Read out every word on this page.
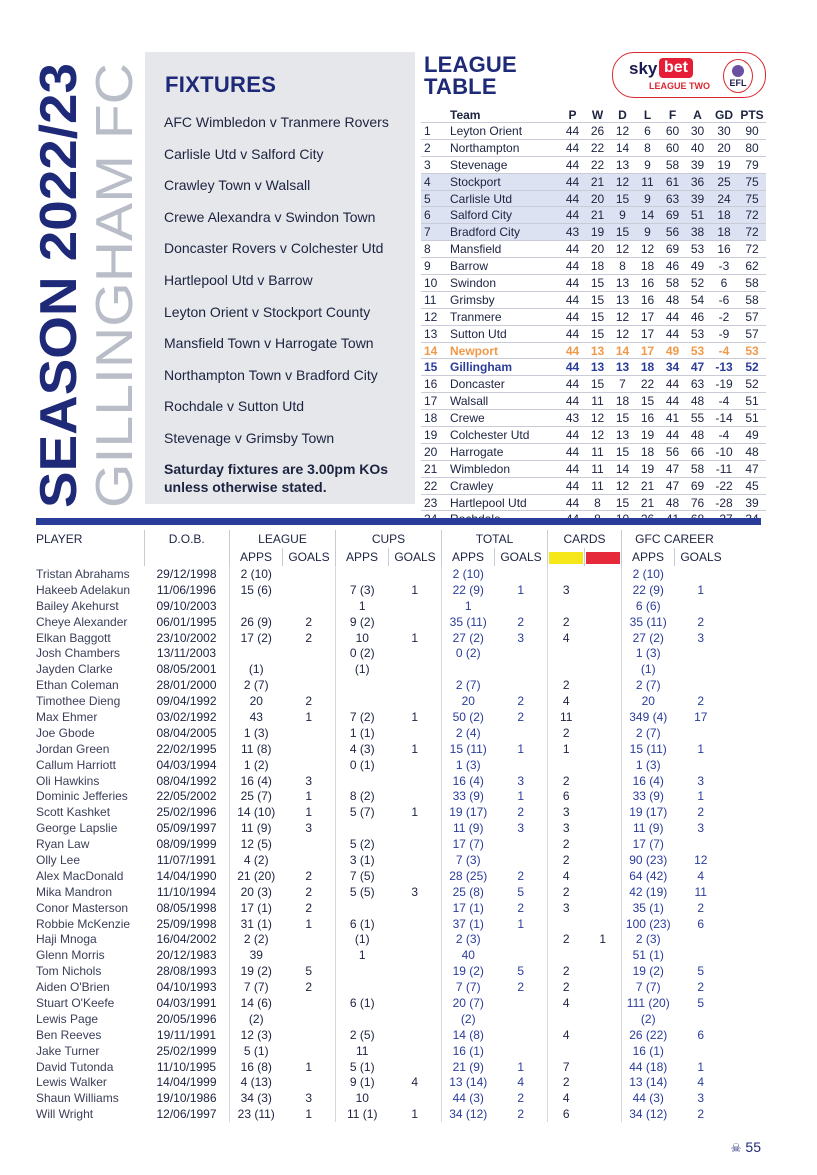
SEASON 2022/23
GILLINGHAM FC
FIXTURES
AFC Wimbledon v Tranmere Rovers
Carlisle Utd v Salford City
Crawley Town v Walsall
Crewe Alexandra v Swindon Town
Doncaster Rovers v Colchester Utd
Hartlepool Utd v Barrow
Leyton Orient v Stockport County
Mansfield Town v Harrogate Town
Northampton Town v Bradford City
Rochdale v Sutton Utd
Stevenage v Grimsby Town
Saturday fixtures are 3.00pm KOs
unless otherwise stated.
LEAGUE
TABLE
sky bet
LEAGUE TWO	EFL
	Team	P	W	D	L	F	A	GD	PTS
1	Leyton Orient	44	26	12	6	60	30	30	90
2	Northampton	44	22	14	8	60	40	20	80
3	Stevenage	44	22	13	9	58	39	19	79
4	Stockport	44	21	12	11	61	36	25	75
5	Carlisle Utd	44	20	15	9	63	39	24	75
6	Salford City	44	21	9	14	69	51	18	72
7	Bradford City	43	19	15	9	56	38	18	72
8	Mansfield	44	20	12	12	69	53	16	72
9	Barrow	44	18	8	18	46	49	-3	62
10	Swindon	44	15	13	16	58	52	6	58
11	Grimsby	44	15	13	16	48	54	-6	58
12	Tranmere	44	15	12	17	44	46	-2	57
13	Sutton Utd	44	15	12	17	44	53	-9	57
14	Newport	44	13	14	17	49	53	-4	53
15	Gillingham	44	13	13	18	34	47	-13	52
16	Doncaster	44	15	7	22	44	63	-19	52
17	Walsall	44	11	18	15	44	48	-4	51
18	Crewe	43	12	15	16	41	55	-14	51
19	Colchester Utd	44	12	13	19	44	48	-4	49
20	Harrogate	44	11	15	18	56	66	-10	48
21	Wimbledon	44	11	14	19	47	58	-11	47
22	Crawley	44	11	12	21	47	69	-22	45
23	Hartlepool Utd	44	8	15	21	48	76	-28	39

PLAYER	D.O.B.	LEAGUE		CUPS		TOTAL		CARDS		GFC CAREER	
		APPS	GOALS	APPS	GOALS	APPS	GOALS			APPS	GOALS
Tristan Abrahams	29/12/1998	2 (10)				2 (10)				2 (10)	
Hakeeb Adelakun	11/06/1996	15 (6)		7 (3)	1	22 (9)	1	3		22 (9)	1
Bailey Akehurst	09/10/2003			1		1				6 (6)	
Cheye Alexander	06/01/1995	26 (9)	2	9 (2)		35 (11)	2	2		35 (11)	2
Elkan Baggott	23/10/2002	17 (2)	2	10	1	27 (2)	3	4		27 (2)	3
Josh Chambers	13/11/2003			0 (2)		0 (2)				1 (3)	
Jayden Clarke	08/05/2001	(1)		(1)						(1)	
Ethan Coleman	28/01/2000	2 (7)				2 (7)		2		2 (7)	
Timothee Dieng	09/04/1992	20	2			20	2	4		20	2
Max Ehmer	03/02/1992	43	1	7 (2)	1	50 (2)	2	11		349 (4)	17
Joe Gbode	08/04/2005	1 (3)		1 (1)		2 (4)		2		2 (7)	
Jordan Green	22/02/1995	11 (8)		4 (3)	1	15 (11)	1	1		15 (11)	1
Callum Harriott	04/03/1994	1 (2)		0 (1)		1 (3)				1 (3)	
Oli Hawkins	08/04/1992	16 (4)	3			16 (4)	3	2		16 (4)	3
Dominic Jefferies	22/05/2002	25 (7)	1	8 (2)		33 (9)	1	6		33 (9)	1
Scott Kashket	25/02/1996	14 (10)	1	5 (7)	1	19 (17)	2	3		19 (17)	2
George Lapslie	05/09/1997	11 (9)	3			11 (9)	3	3		11 (9)	3
Ryan Law	08/09/1999	12 (5)		5 (2)		17 (7)		2		17 (7)	
Olly Lee	11/07/1991	4 (2)		3 (1)		7 (3)		2		90 (23)	12
Alex MacDonald	14/04/1990	21 (20)	2	7 (5)		28 (25)	2	4		64 (42)	4
Mika Mandron	11/10/1994	20 (3)	2	5 (5)	3	25 (8)	5	2		42 (19)	11
Conor Masterson	08/05/1998	17 (1)	2			17 (1)	2	3		35 (1)	2
Robbie McKenzie	25/09/1998	31 (1)	1	6 (1)		37 (1)	1			100 (23)	6
Haji Mnoga	16/04/2002	2 (2)		(1)		2 (3)		2	1	2 (3)	
Glenn Morris	20/12/1983	39		1		40				51 (1)	
Tom Nichols	28/08/1993	19 (2)	5			19 (2)	5	2		19 (2)	5
Aiden O'Brien	04/10/1993	7 (7)	2			7 (7)	2	2		7 (7)	2
Stuart O'Keefe	04/03/1991	14 (6)		6 (1)		20 (7)		4		111 (20)	5
Lewis Page	20/05/1996	(2)				(2)				(2)	
Ben Reeves	19/11/1991	12 (3)		2 (5)		14 (8)		4		26 (22)	6
Jake Turner	25/02/1999	5 (1)		11		16 (1)				16 (1)	
David Tutonda	11/10/1995	16 (8)	1	5 (1)		21 (9)	1	7		44 (18)	1
Lewis Walker	14/04/1999	4 (13)		9 (1)	4	13 (14)	4	2		13 (14)	4
Shaun Williams	19/10/1986	34 (3)	3	10		44 (3)	2	4		44 (3)	3
Will Wright	12/06/1997	23 (11)	1	11 (1)	1	34 (12)	2	6		34 (12)	2
☠ 55
